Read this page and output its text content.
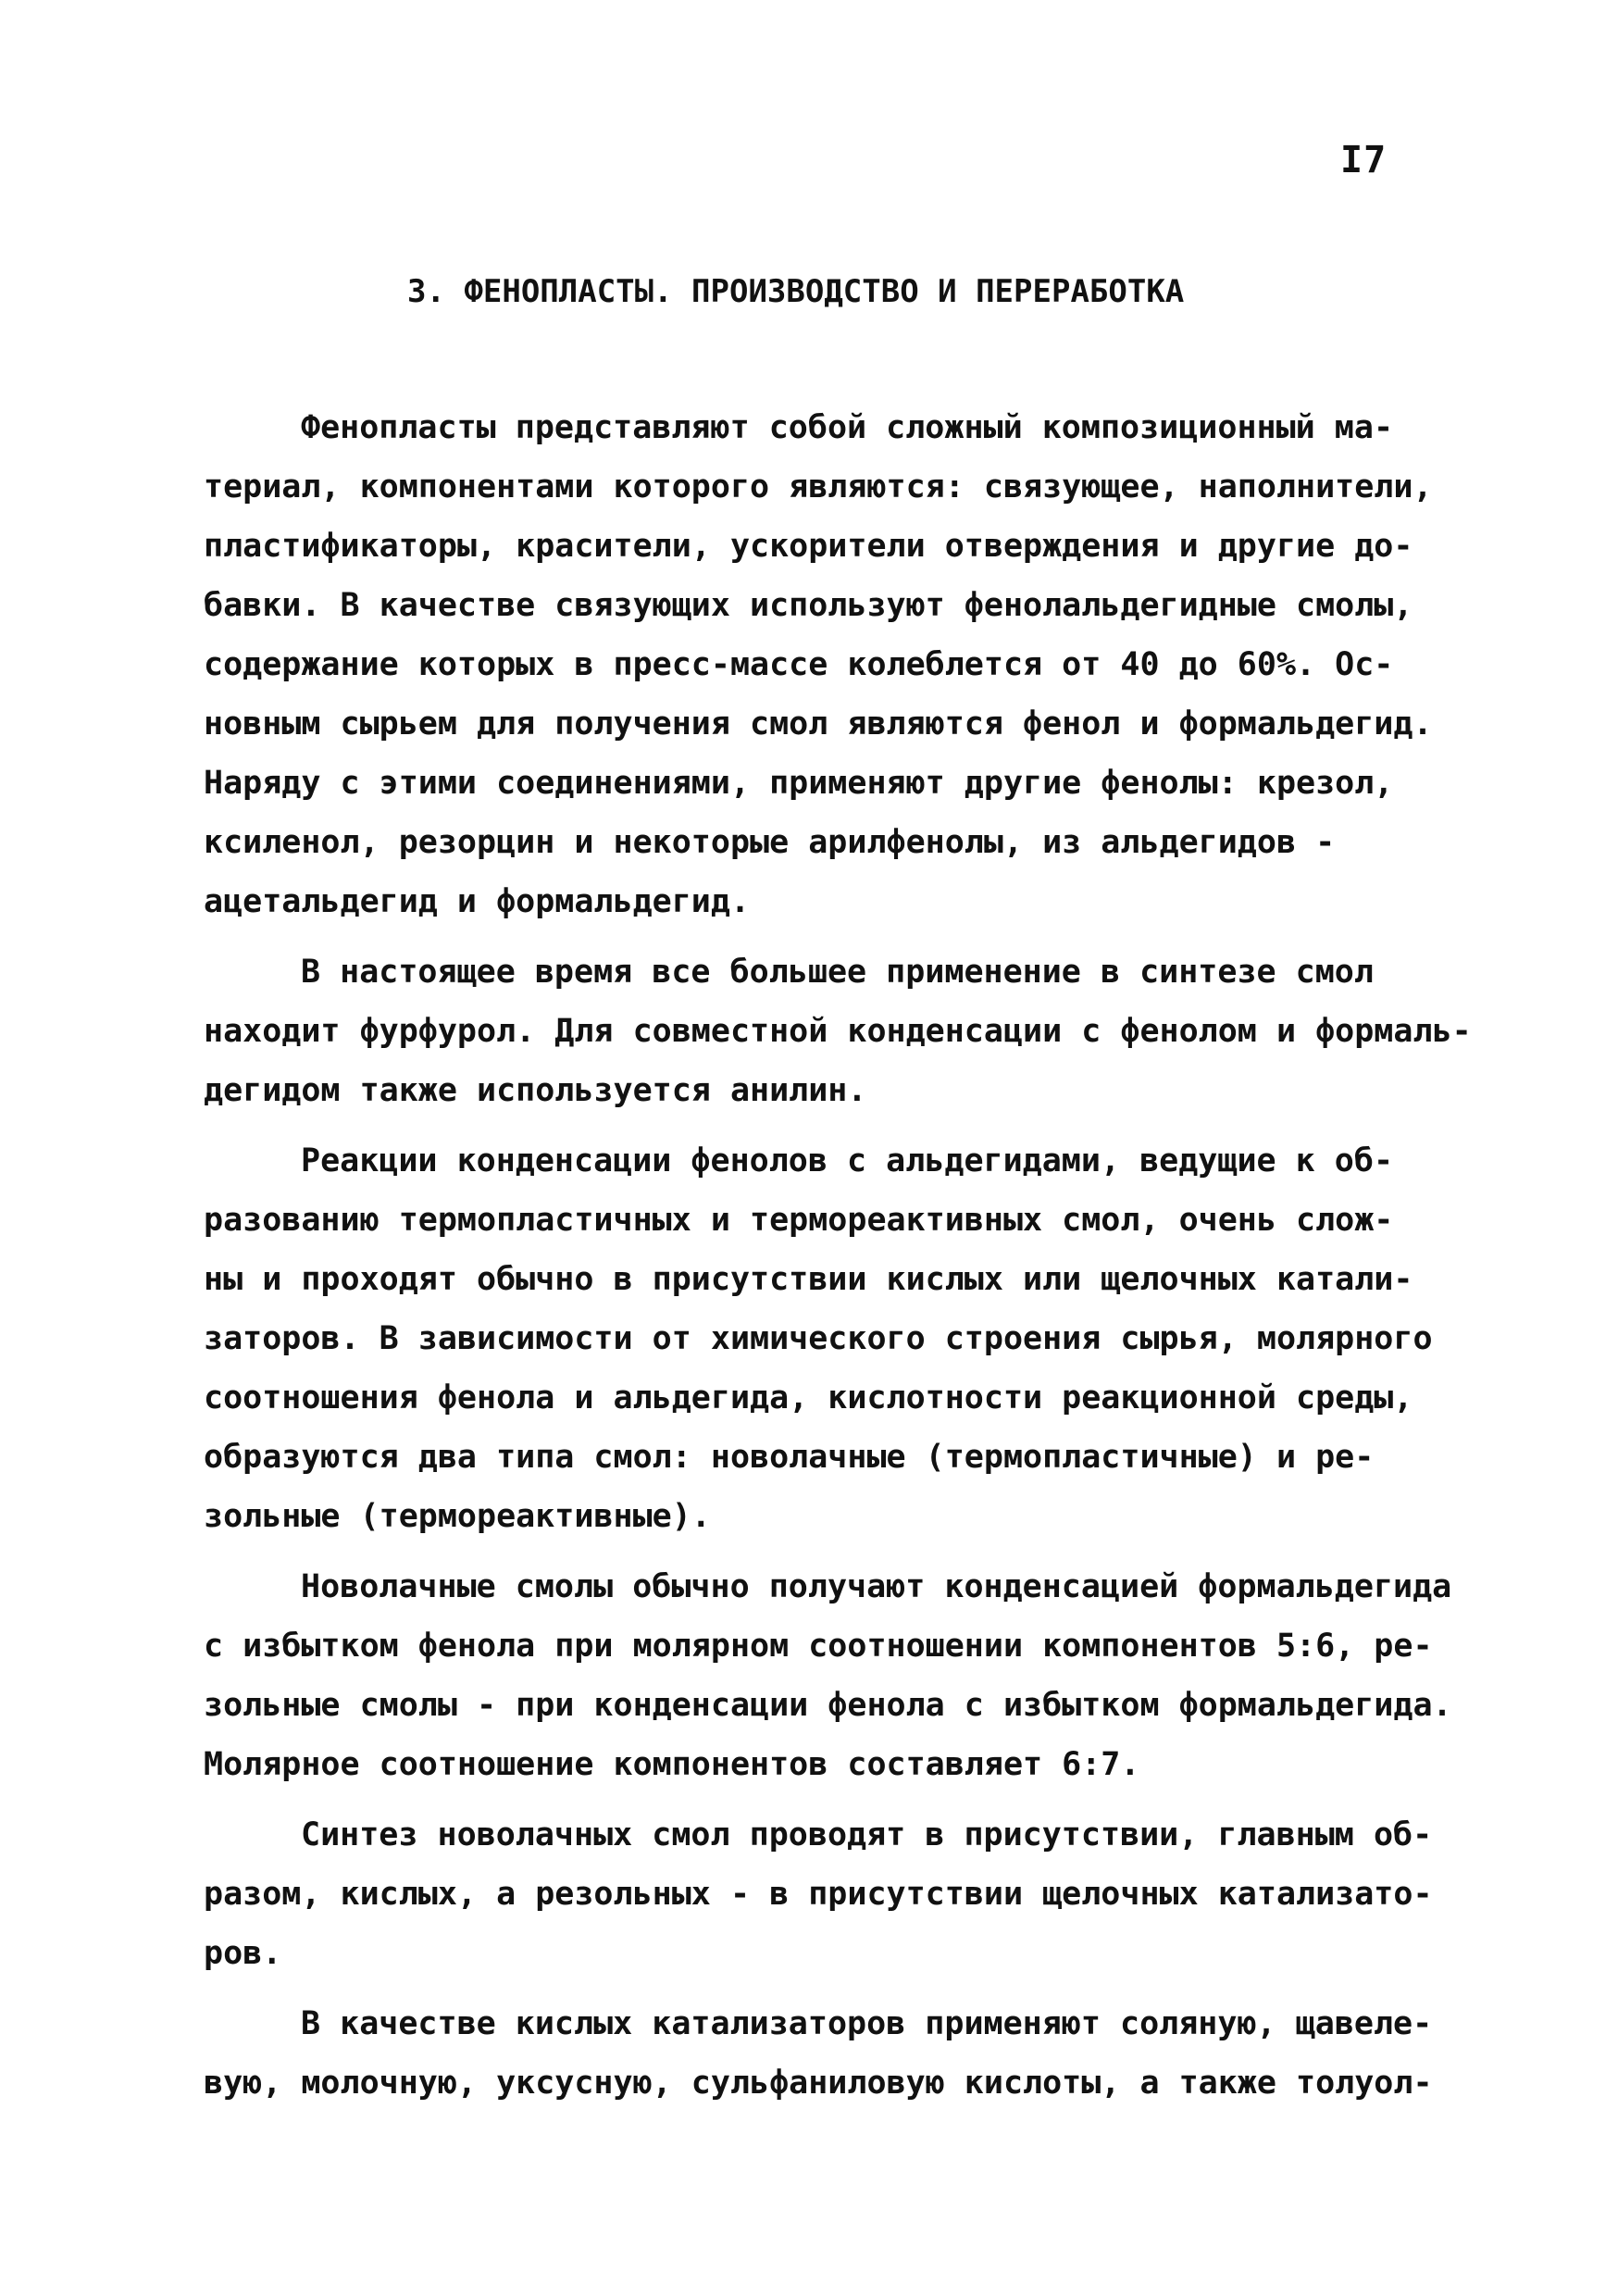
I7
3. ФЕНОПЛАСТЫ. ПРОИЗВОДСТВО И ПЕРЕРАБОТКА
Фенопласты представляют собой сложный композиционный ма-
териал, компонентами которого являются: связующее, наполнители,
пластификаторы, красители, ускорители отверждения и другие до-
бавки. В качестве связующих используют фенолальдегидные смолы,
содержание которых в пресс-массе колеблется от 40 до 60%. Ос-
новным сырьем для получения смол являются фенол и формальдегид.
Наряду с этими соединениями, применяют другие фенолы: крезол,
ксиленол, резорцин и некоторые арилфенолы, из альдегидов -
ацетальдегид и формальдегид.
В настоящее время все большее применение в синтезе смол
находит фурфурол. Для совместной конденсации с фенолом и формаль-
дегидом также используется анилин.
Реакции конденсации фенолов с альдегидами, ведущие к об-
разованию термопластичных и термореактивных смол, очень слож-
ны и проходят обычно в присутствии кислых или щелочных катали-
заторов. В зависимости от химического строения сырья, молярного
соотношения фенола и альдегида, кислотности реакционной среды,
образуются два типа смол: новолачные (термопластичные) и ре-
зольные (термореактивные).
Новолачные смолы обычно получают конденсацией формальдегида
с избытком фенола при молярном соотношении компонентов 5:6, ре-
зольные смолы - при конденсации фенола с избытком формальдегида.
Молярное соотношение компонентов составляет 6:7.
Синтез новолачных смол проводят в присутствии, главным об-
разом, кислых, а резольных - в присутствии щелочных катализато-
ров.
В качестве кислых катализаторов применяют соляную, щавеле-
вую, молочную, уксусную, сульфаниловую кислоты, а также толуол-
